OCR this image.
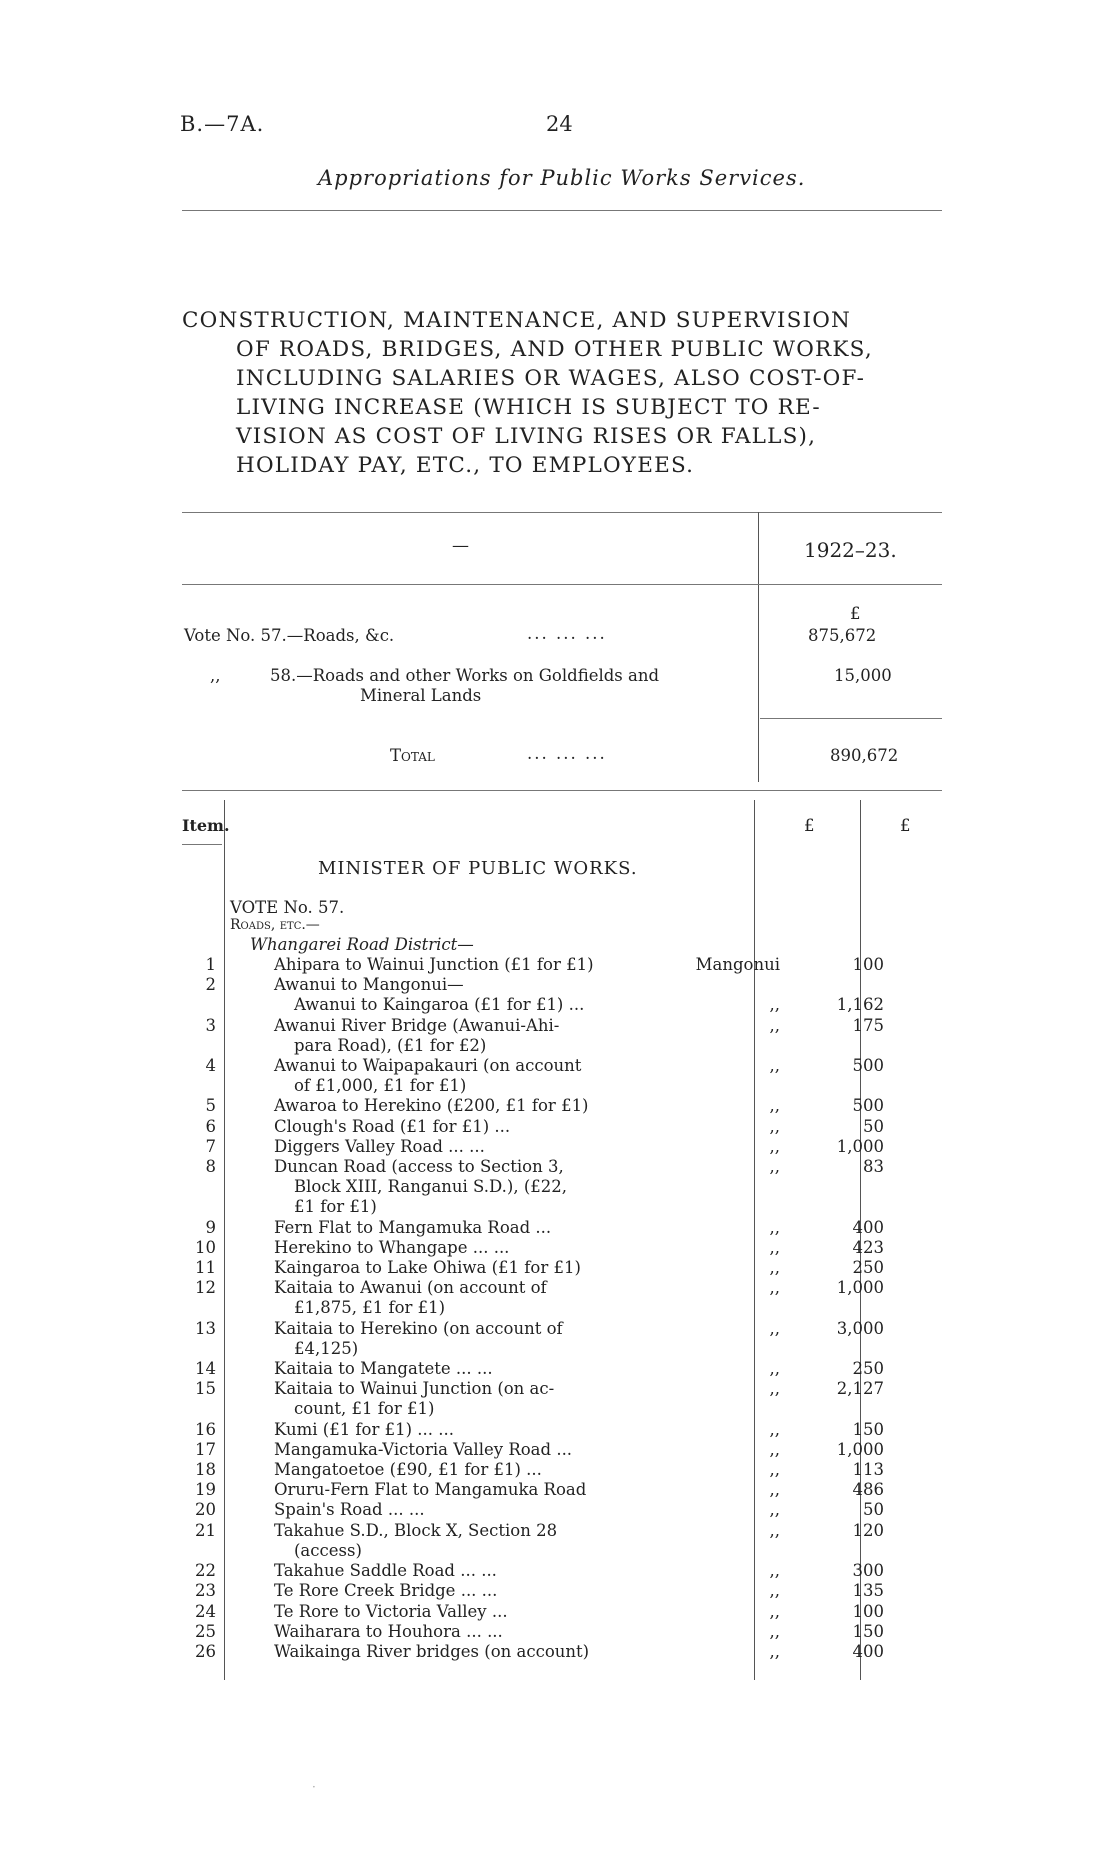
B.—7A.	24
Appropriations for Public Works Services.
CONSTRUCTION, MAINTENANCE, AND SUPERVISION
OF ROADS, BRIDGES, AND OTHER PUBLIC WORKS,
INCLUDING SALARIES OR WAGES, ALSO COST-OF-
LIVING INCREASE (WHICH IS SUBJECT TO RE-
VISION AS COST OF LIVING RISES OR FALLS),
HOLIDAY PAY, ETC., TO EMPLOYEES.
—	1922–23.
£
Vote No. 57.—Roads, &c.	... ... ...	875,672
,,	58.—Roads and other Works on Goldfields and
Mineral Lands
15,000
Total	... ... ...	890,672
Item.	£	£
MINISTER OF PUBLIC WORKS.
VOTE No. 57.
Roads, etc.—
Whangarei Road District—
1	Ahipara to Wainui Junction (£1 for £1)	Mangonui	100
2	Awanui to Mangonui—		

	Awanui to Kaingaroa (£1 for £1) ...	,,	1,162
3	Awanui River Bridge (Awanui-Ahi-
para Road), (£1 for £2)	,,	175
4	Awanui to Waipapakauri (on account
of £1,000, £1 for £1)	,,	500
5	Awaroa to Herekino (£200, £1 for £1)	,,	500
6	Clough's Road (£1 for £1) ...	,,	50
7	Diggers Valley Road ... ...	,,	1,000
8	Duncan Road (access to Section 3,
Block XIII, Ranganui S.D.), (£22,
£1 for £1)	,,	83
9	Fern Flat to Mangamuka Road ...	,,	400
10	Herekino to Whangape ... ...	,,	423
11	Kaingaroa to Lake Ohiwa (£1 for £1)	,,	250
12	Kaitaia to Awanui (on account of
£1,875, £1 for £1)	,,	1,000
13	Kaitaia to Herekino (on account of
£4,125)	,,	3,000
14	Kaitaia to Mangatete ... ...	,,	250
15	Kaitaia to Wainui Junction (on ac-
count, £1 for £1)	,,	2,127
16	Kumi (£1 for £1) ... ...	,,	150
17	Mangamuka-Victoria Valley Road ...	,,	1,000
18	Mangatoetoe (£90, £1 for £1) ...	,,	113
19	Oruru-Fern Flat to Mangamuka Road	,,	486
20	Spain's Road ... ...	,,	50
21	Takahue S.D., Block X, Section 28
(access)	,,	120
22	Takahue Saddle Road ... ...	,,	300
23	Te Rore Creek Bridge ... ...	,,	135
24	Te Rore to Victoria Valley ...	,,	100
25	Waiharara to Houhora ... ...	,,	150
26	Waikainga River bridges (on account)	,,	400
·
